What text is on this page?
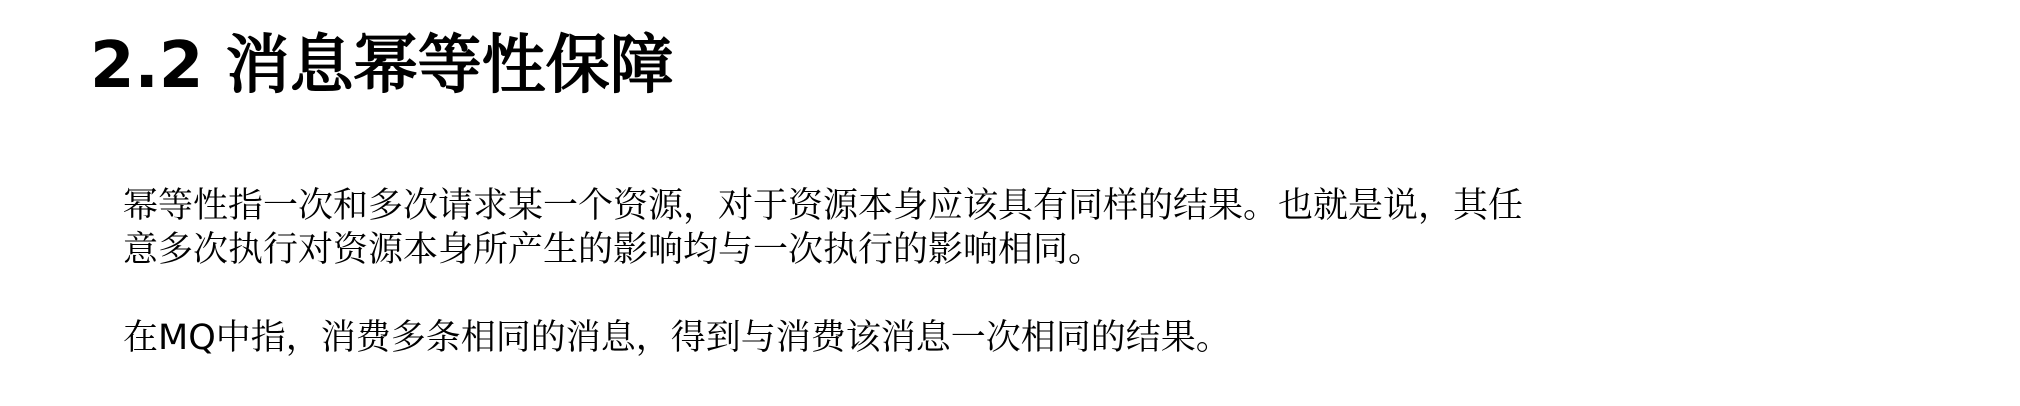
2.2 消息幂等性保障

幂等性指一次和多次请求某一个资源，对于资源本身应该具有同样的结果。也就是说，其任
意多次执行对资源本身所产生的影响均与一次执行的影响相同。

在MQ中指，消费多条相同的消息，得到与消费该消息一次相同的结果。
